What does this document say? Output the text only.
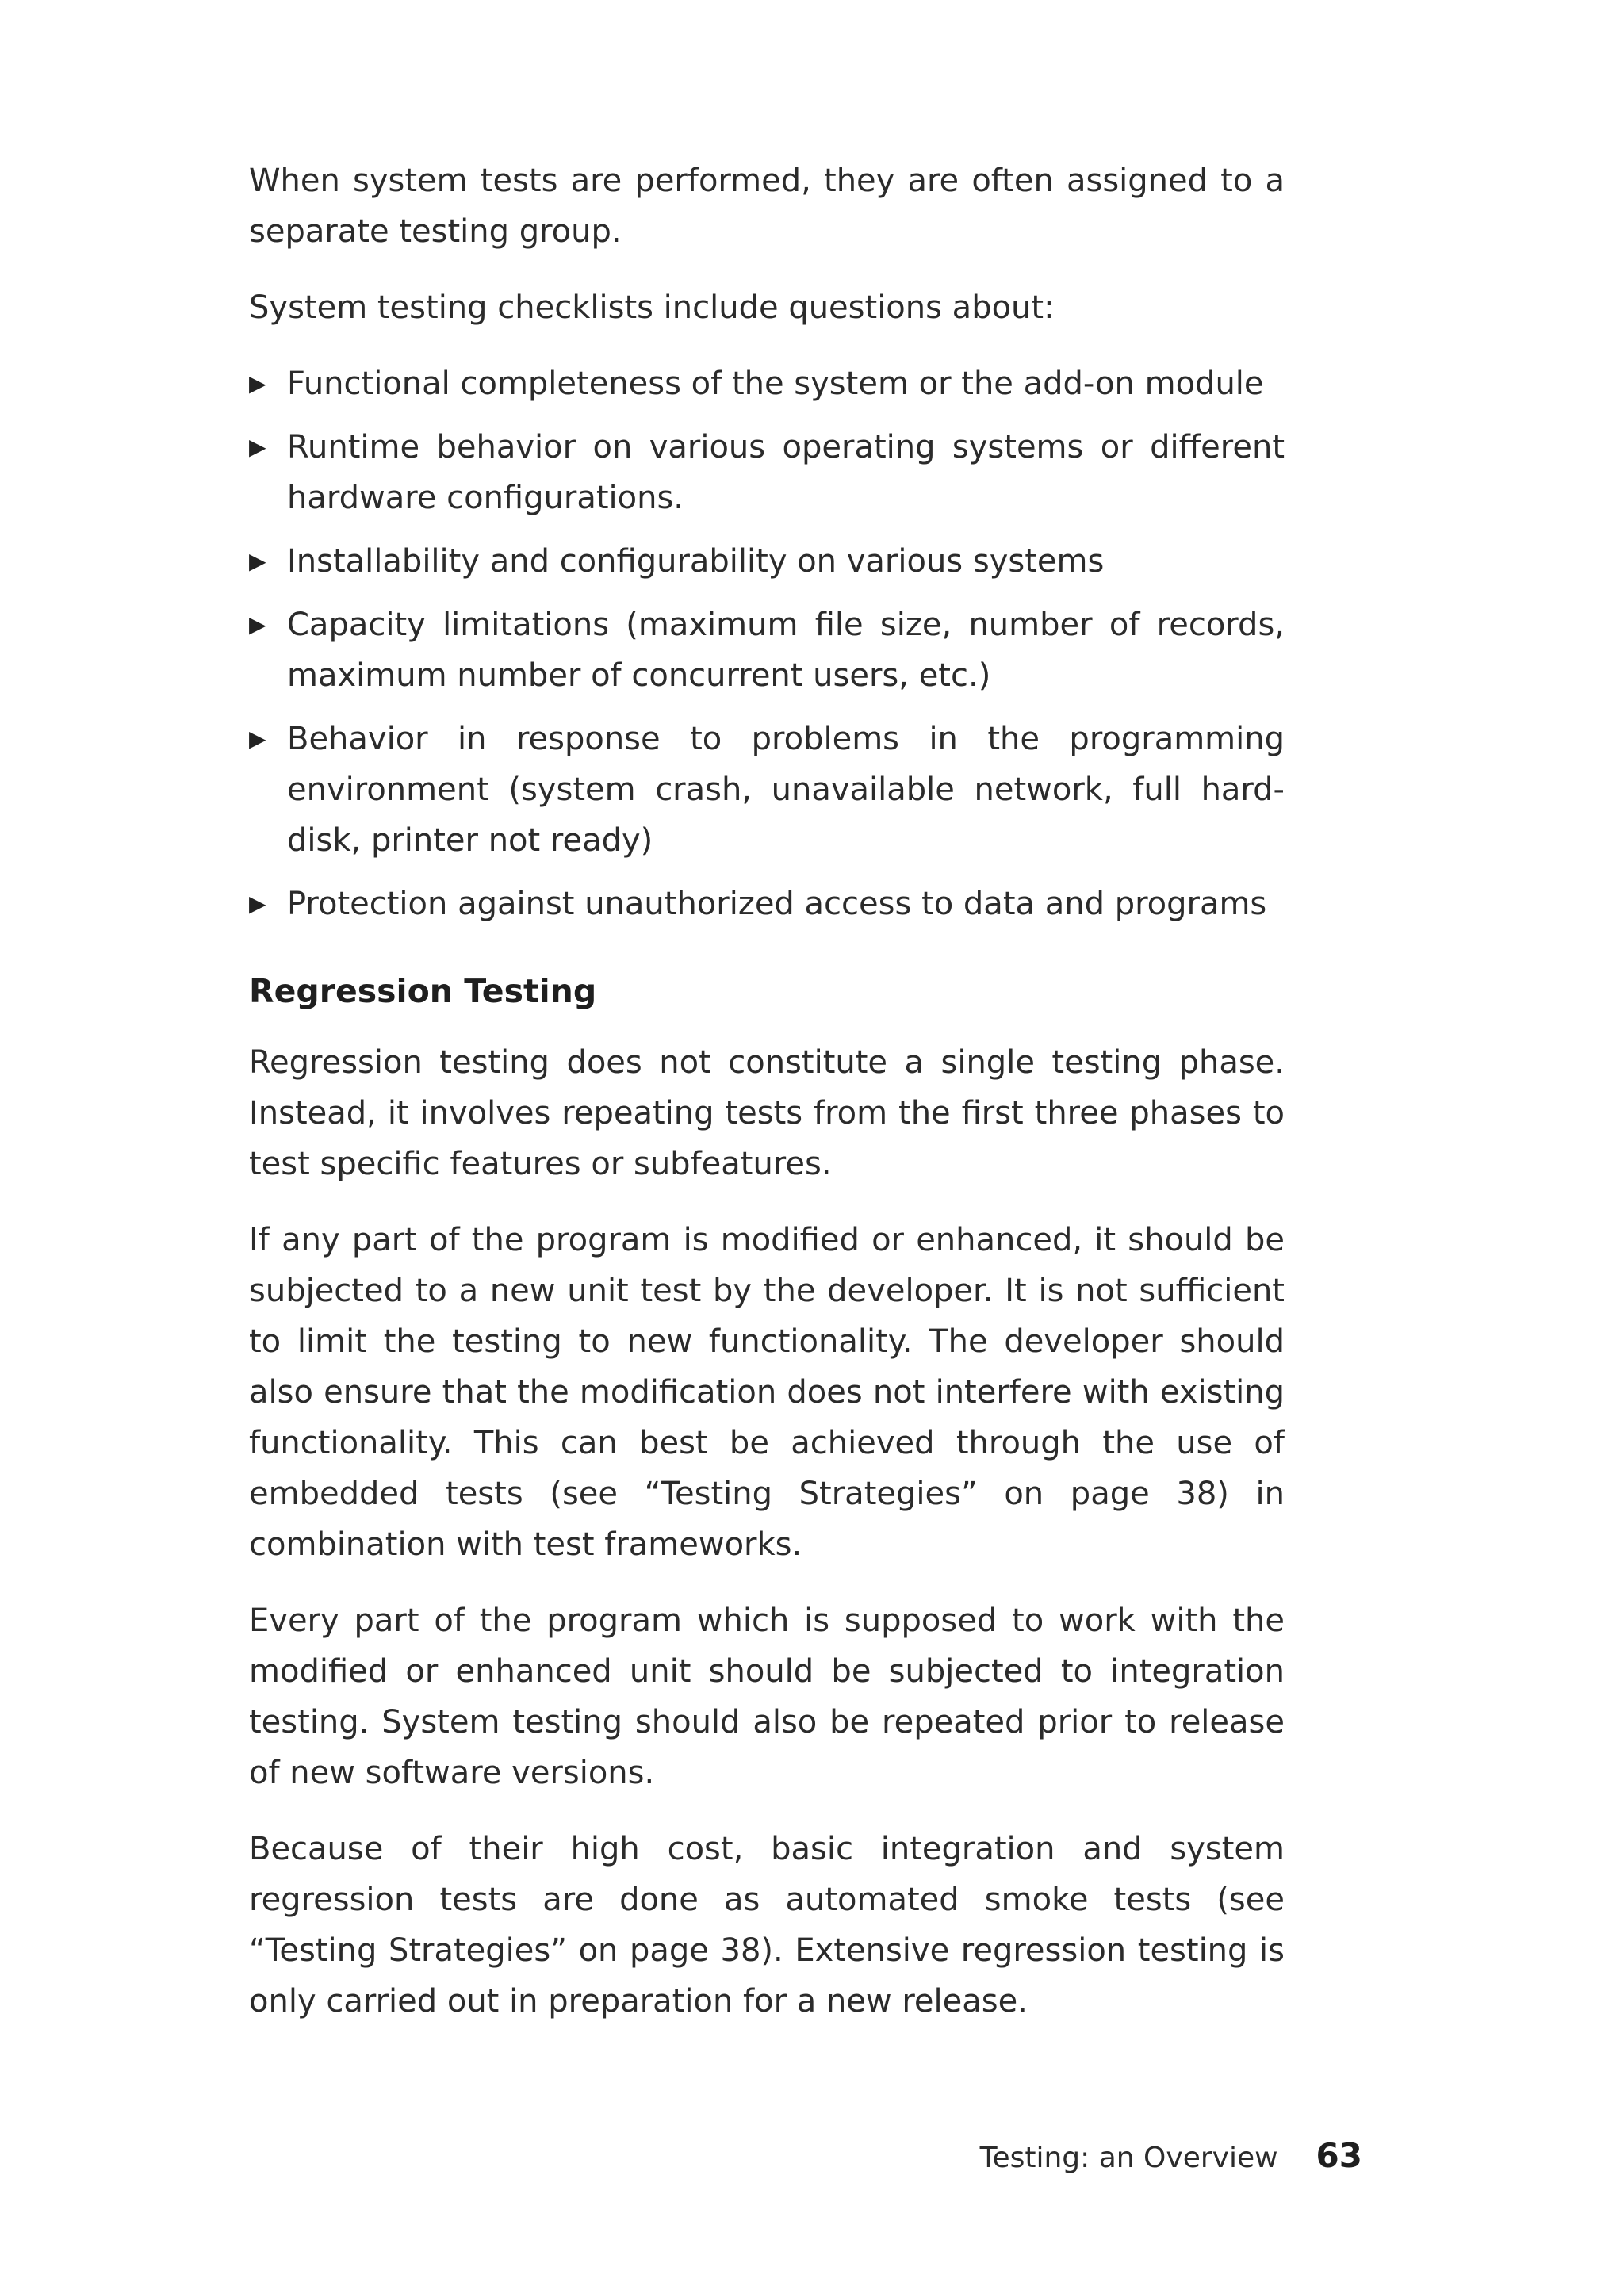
When system tests are performed, they are often assigned to a separate testing group.

System testing checklists include questions about:

▶ Functional completeness of the system or the add-on module
▶ Runtime behavior on various operating systems or different hardware configurations.
▶ Installability and configurability on various systems
▶ Capacity limitations (maximum file size, number of records, maximum number of concurrent users, etc.)
▶ Behavior in response to problems in the programming environment (system crash, unavailable network, full hard-disk, printer not ready)
▶ Protection against unauthorized access to data and programs
Regression Testing

Regression testing does not constitute a single testing phase. Instead, it involves repeating tests from the first three phases to test specific features or subfeatures.

If any part of the program is modified or enhanced, it should be subjected to a new unit test by the developer. It is not sufficient to limit the testing to new functionality. The developer should also ensure that the modification does not interfere with existing functionality. This can best be achieved through the use of embedded tests (see “Testing Strategies” on page 38) in combination with test frameworks.

Every part of the program which is supposed to work with the modified or enhanced unit should be subjected to integration testing. System testing should also be repeated prior to release of new software versions.

Because of their high cost, basic integration and system regression tests are done as automated smoke tests (see “Testing Strategies” on page 38). Extensive regression testing is only carried out in preparation for a new release.

Testing: an Overview 63
